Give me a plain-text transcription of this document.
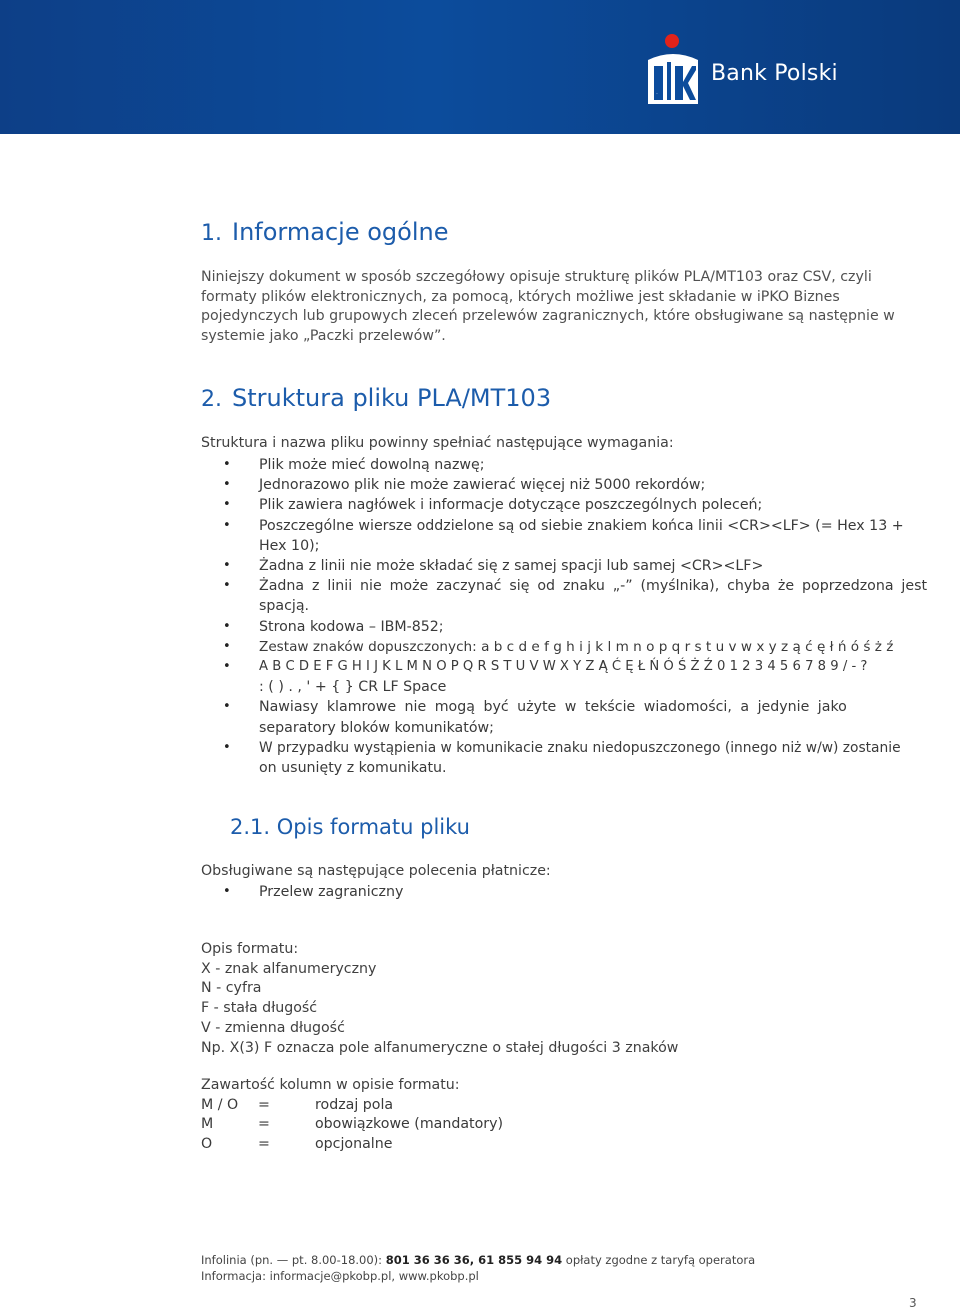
PKO
Bank Polski
1. Informacje ogólne
Niniejszy dokument w sposób szczegółowy opisuje strukturę plików PLA/MT103 oraz CSV, czyli
formaty plików elektronicznych, za pomocą, których możliwe jest składanie w iPKO Biznes
pojedynczych lub grupowych zleceń przelewów zagranicznych, które obsługiwane są następnie w
systemie jako „Paczki przelewów”.
2. Struktura pliku PLA/MT103
Struktura i nazwa pliku powinny spełniać następujące wymagania:
• Plik może mieć dowolną nazwę;
• Jednorazowo plik nie może zawierać więcej niż 5000 rekordów;
• Plik zawiera nagłówek i informacje dotyczące poszczególnych poleceń;
• Poszczególne wiersze oddzielone są od siebie znakiem końca linii <CR><LF> (= Hex 13 +
Hex 10);
• Żadna z linii nie może składać się z samej spacji lub samej <CR><LF>
• Żadna z linii nie może zaczynać się od znaku „-” (myślnika), chyba że poprzedzona jest
spacją.
• Strona kodowa – IBM-852;
• Zestaw znaków dopuszczonych: a b c d e f g h i j k l m n o p q r s t u v w x y z ą ć ę ł ń ó ś ż ź
• A B C D E F G H I J K L M N O P Q R S T U V W X Y Z Ą Ć Ę Ł Ń Ó Ś Ż Ź 0 1 2 3 4 5 6 7 8 9 / - ?
: ( ) . , ' + { } CR LF Space
• Nawiasy klamrowe nie mogą być użyte w tekście wiadomości, a jedynie jako
separatory bloków komunikatów;
• W przypadku wystąpienia w komunikacie znaku niedopuszczonego (innego niż w/w) zostanie
on usunięty z komunikatu.
2.1. Opis formatu pliku
Obsługiwane są następujące polecenia płatnicze:
• Przelew zagraniczny
Opis formatu:
X - znak alfanumeryczny
N - cyfra
F - stała długość
V - zmienna długość
Np. X(3) F oznacza pole alfanumeryczne o stałej długości 3 znaków
Zawartość kolumn w opisie formatu:
M / O =	rodzaj pola
M	=	obowiązkowe (mandatory)
O	=	opcjonalne
Infolinia (pn. — pt. 8.00-18.00): 801 36 36 36, 61 855 94 94 opłaty zgodne z taryfą operatora
Informacja: informacje@pkobp.pl, www.pkobp.pl
3
